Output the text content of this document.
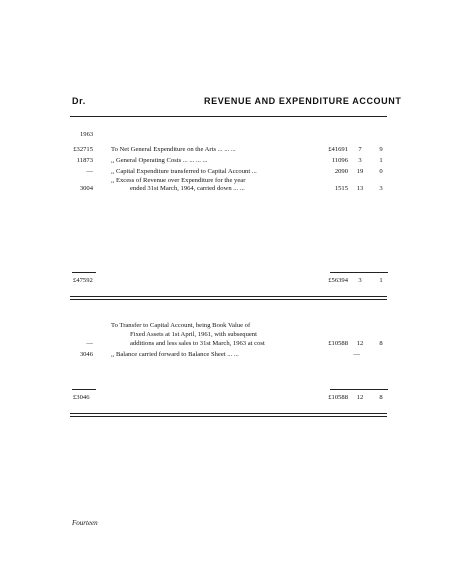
Dr.	REVENUE AND EXPENDITURE ACCOUNT
1963
£32715	To Net General Expenditure on the Arts ... ... ...	£41691	7	9
11873	,, General Operating Costs ... ... ... ...	11096	3	1
—	,, Capital Expenditure transferred to Capital Account ...	2090 19	0
,, Excess of Revenue over Expenditure for the year
3004	ended 31st March, 1964, carried down ... ...	1515 13	3
£47592	£56394	3	1
To Transfer to Capital Account, being Book Value of
Fixed Assets at 1st April, 1961, with subsequent
—	additions and less sales to 31st March, 1963 at cost	£10588 12	8
3046	,, Balance carried forward to Balance Sheet ... ...	—
£3046	£10588 12	8
Fourteen
